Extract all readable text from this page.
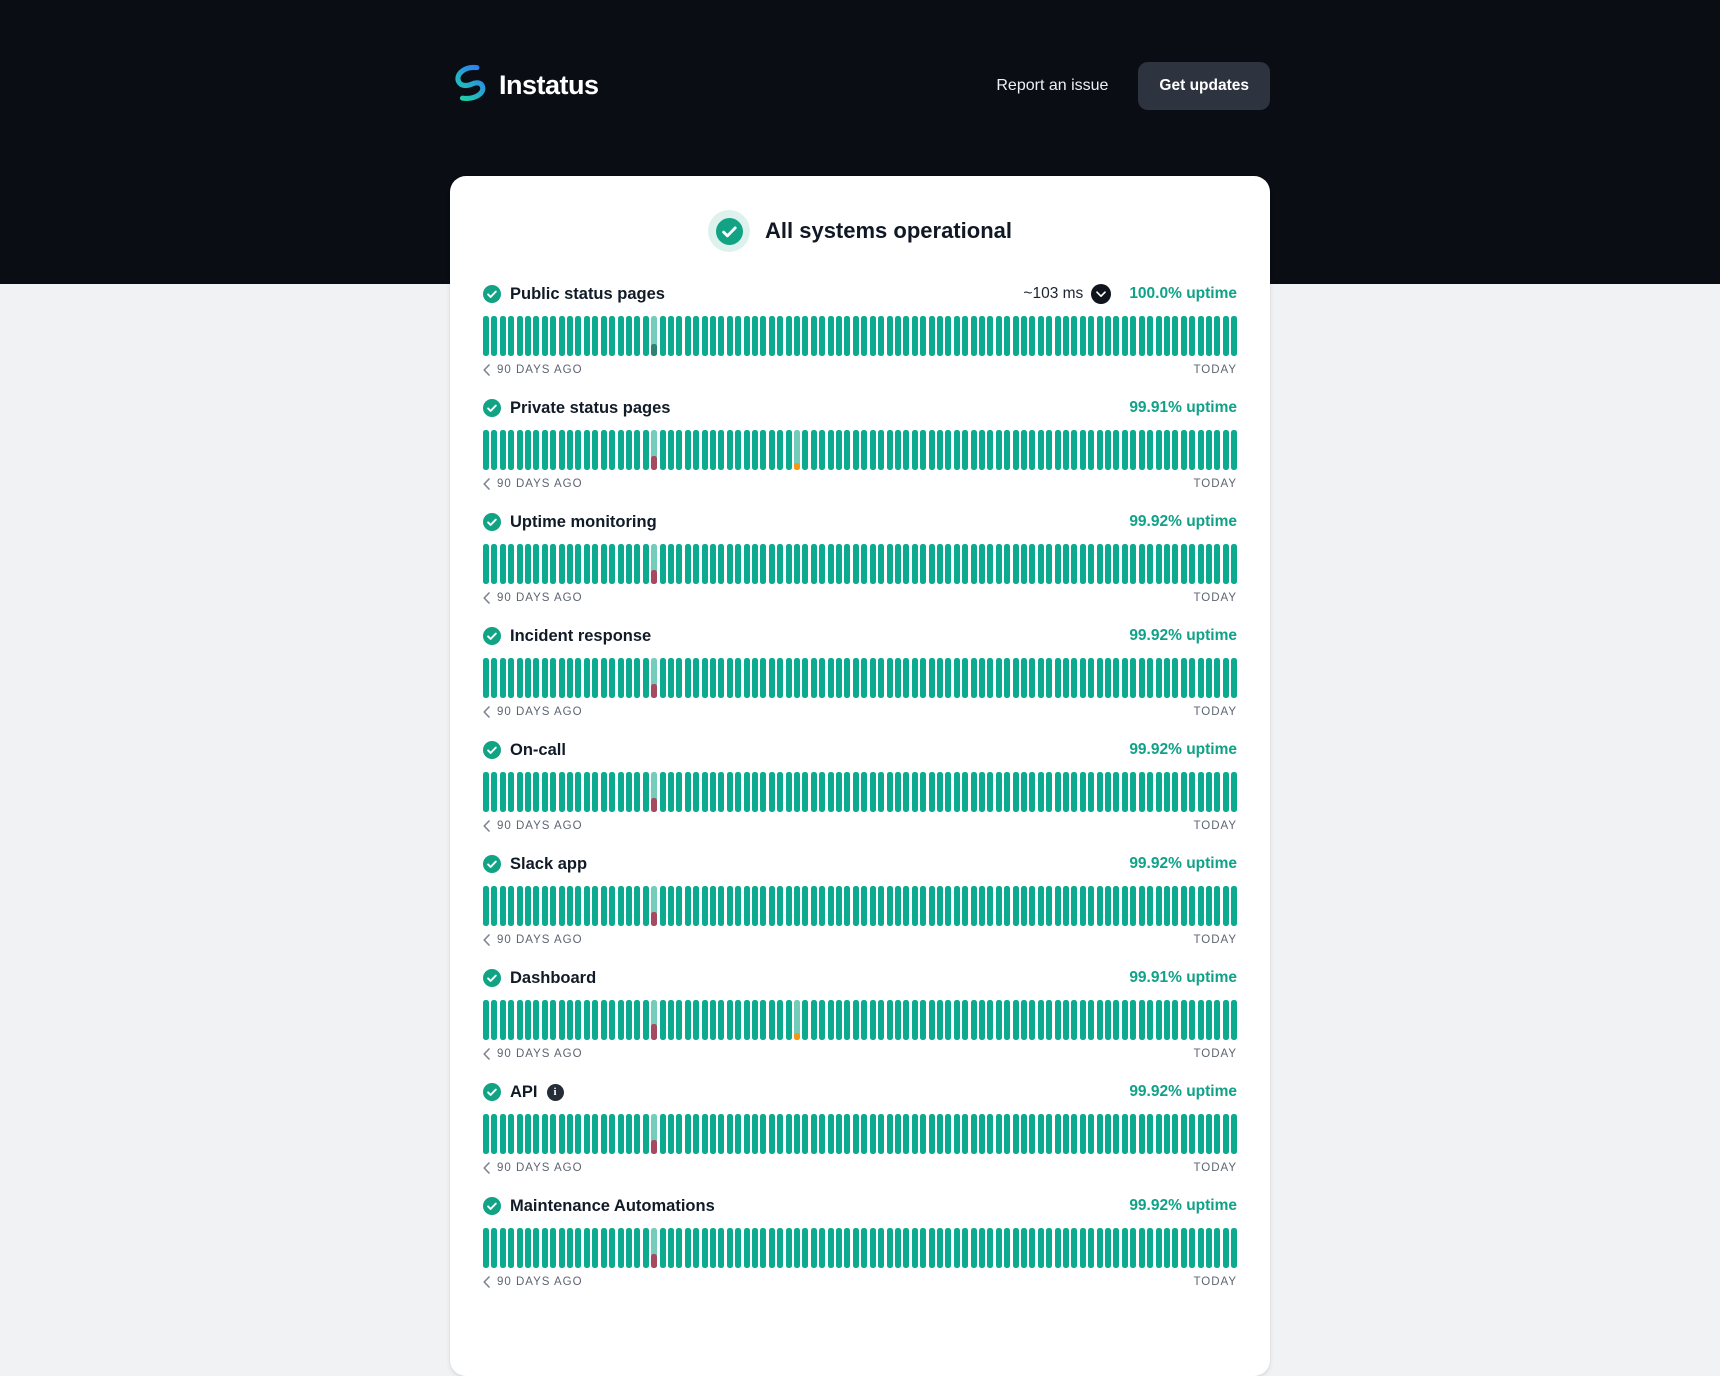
Instatus	Report an issue	Get updates
All systems operational
Public status pages	~103 ms	100.0% uptime
90 DAYS AGO	TODAY
Private status pages	99.91% uptime
90 DAYS AGO	TODAY
Uptime monitoring	99.92% uptime
90 DAYS AGO	TODAY
Incident response	99.92% uptime
90 DAYS AGO	TODAY
On-call	99.92% uptime
90 DAYS AGO	TODAY
Slack app	99.92% uptime
90 DAYS AGO	TODAY
Dashboard	99.91% uptime
90 DAYS AGO	TODAY
API	i	99.92% uptime
90 DAYS AGO	TODAY
Maintenance Automations	99.92% uptime
90 DAYS AGO	TODAY
